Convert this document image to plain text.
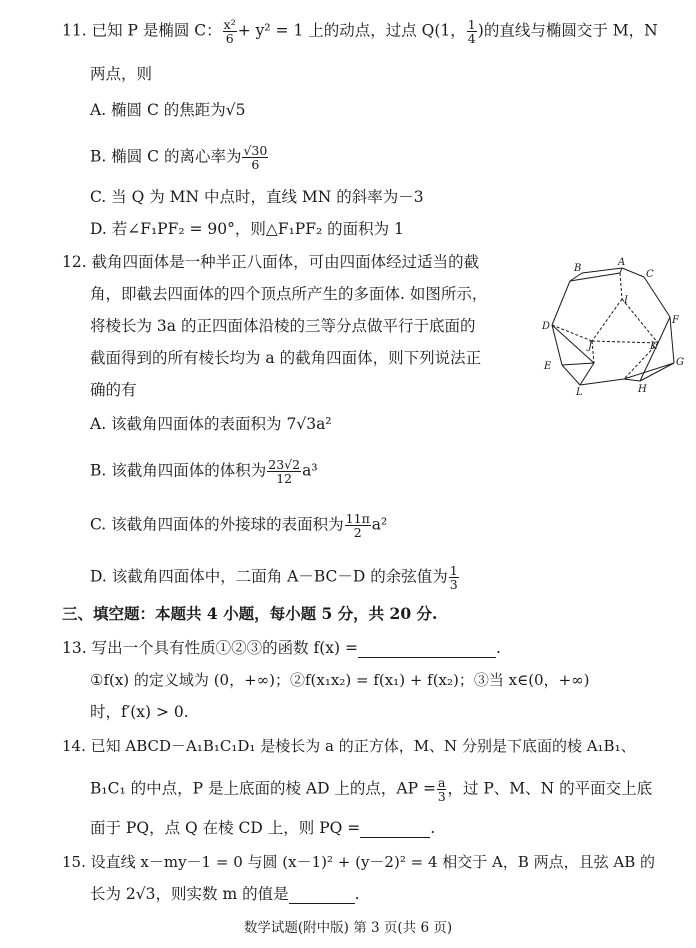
11. 已知 P 是椭圆 C： $\frac{\text{x²}}{6} + y^2 = 1$ 上的动点，过点 Q(1， $\frac{1}{4}$ )的直线与椭圆交于 M，N
两点，则
A. 椭圆 C 的焦距为√5
B. 椭圆 C 的离心率为 $\frac{√30}{6}$
C. 当 Q 为 MN 中点时，直线 MN 的斜率为－3
D. 若∠F₁PF₂ = 90°，则△F₁PF₂ 的面积为 1
12. 截角四面体是一种半正八面体，可由四面体经过适当的截
角，即截去四面体的四个顶点所产生的多面体. 如图所示，
将棱长为 3a 的正四面体沿棱的三等分点做平行于底面的
截面得到的所有棱长均为 a 的截角四面体，则下列说法正
确的有
A
B
C
D
E
F
G
H
I
J	K
L
A. 该截角四面体的表面积为 7√3a²
B. 该截角四面体的体积为 $\frac{23√2}{12} a^3$
C. 该截角四面体的外接球的表面积为 $\frac{11\pi}{2} a^2$
D. 该截角四面体中，二面角 A－BC－D 的余弦值为 $\frac{1}{3}$
三、填空题：本题共 4 小题，每小题 5 分，共 20 分.
13. 写出一个具有性质①②③的函数 f(x) =	.
①f(x) 的定义域为 (0，+∞)；②f(x₁x₂) = f(x₁) + f(x₂)；③当 x∈(0，+∞)
时，f′(x) > 0.
14. 已知 ABCD－A₁B₁C₁D₁ 是棱长为 a 的正方体，M、N 分别是下底面的棱 A₁B₁、
B₁C₁ 的中点，P 是上底面的棱 AD 上的点，AP = $\frac{a}{3}$ ，过 P、M、N 的平面交上底
面于 PQ，点 Q 在棱 CD 上，则 PQ =	.
15. 设直线 x－my－1 = 0 与圆 (x－1)² + (y－2)² = 4 相交于 A，B 两点，且弦 AB 的
长为 2√3，则实数 m 的值是	.
数学试题(附中版) 第 3 页(共 6 页)
